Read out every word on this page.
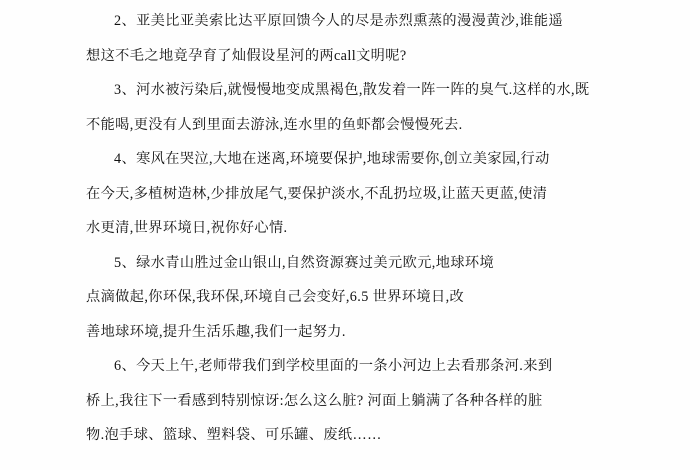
2、亚美比亚美索比达平原回馈今人的尽是赤烈熏蒸的漫漫黄沙,谁能遥
想这不毛之地竟孕育了灿假设星河的两call文明呢?
3、河水被污染后,就慢慢地变成黑褐色,散发着一阵一阵的臭气.这样的水,既
不能喝,更没有人到里面去游泳,连水里的鱼虾都会慢慢死去.
4、寒风在哭泣,大地在迷离,环境要保护,地球需要你,创立美家园,行动
在今天,多植树造林,少排放尾气,要保护淡水,不乱扔垃圾,让蓝天更蓝,使清
水更清,世界环境日,祝你好心情.
5、绿水青山胜过金山银山,自然资源赛过美元欧元,地球环境
点滴做起,你环保,我环保,环境自己会变好,6.5 世界环境日,改
善地球环境,提升生活乐趣,我们一起努力.
6、今天上午,老师带我们到学校里面的一条小河边上去看那条河.来到
桥上,我往下一看感到特别惊讶:怎么这么脏? 河面上躺满了各种各样的脏
物.泡手球、篮球、塑料袋、可乐罐、废纸……
